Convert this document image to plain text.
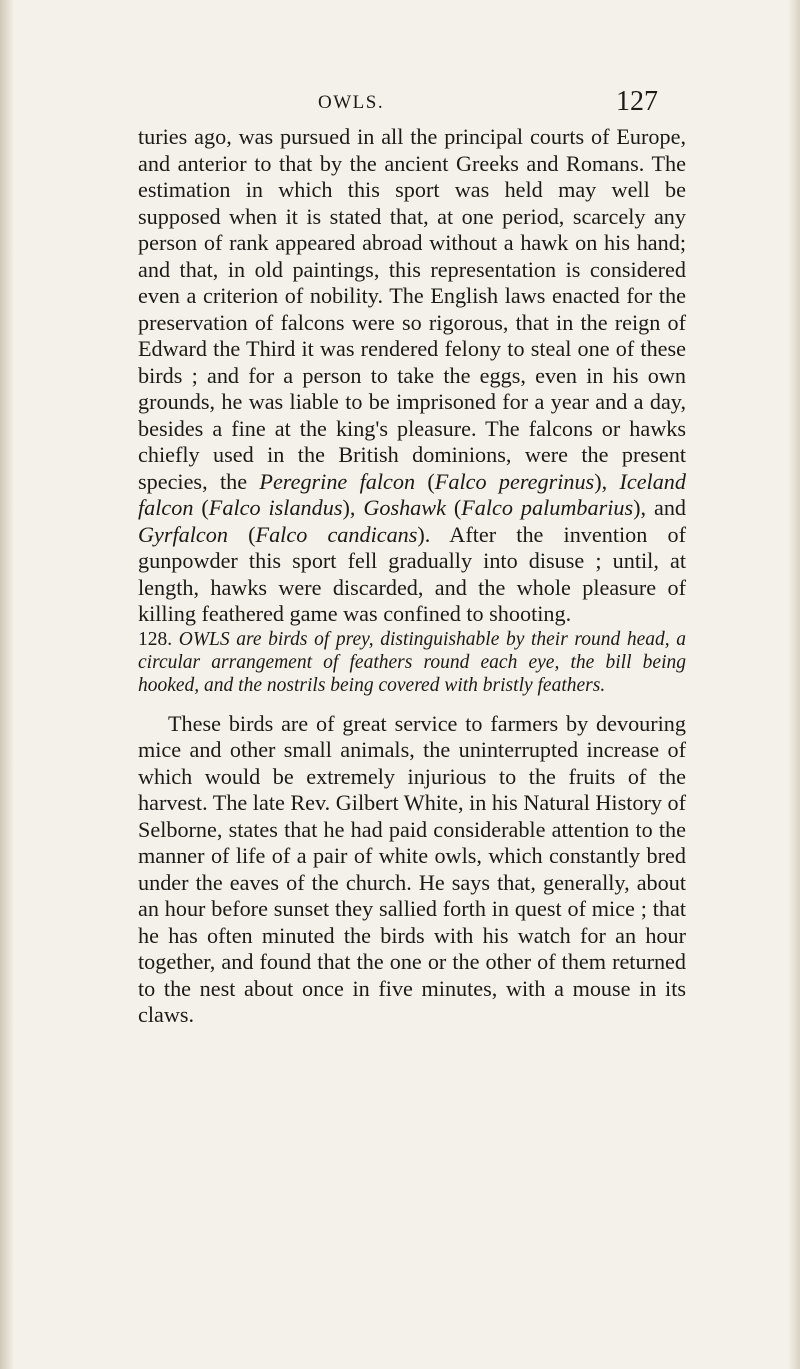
OWLS.	127

turies ago, was pursued in all the principal courts of Europe, and anterior to that by the ancient Greeks and Romans. The estimation in which this sport was held may well be supposed when it is stated that, at one period, scarcely any person of rank appeared abroad without a hawk on his hand; and that, in old paintings, this representation is considered even a criterion of nobility. The English laws enacted for the preservation of falcons were so rigorous, that in the reign of Edward the Third it was rendered felony to steal one of these birds ; and for a person to take the eggs, even in his own grounds, he was liable to be imprisoned for a year and a day, besides a fine at the king's pleasure. The falcons or hawks chiefly used in the British dominions, were the present species, the Peregrine falcon (Falco peregrinus), Iceland falcon (Falco islandus), Goshawk (Falco palumbarius), and Gyrfalcon (Falco candicans). After the invention of gunpowder this sport fell gradually into disuse ; until, at length, hawks were discarded, and the whole pleasure of killing feathered game was confined to shooting.

128. OWLS are birds of prey, distinguishable by their round head, a circular arrangement of feathers round each eye, the bill being hooked, and the nostrils being covered with bristly feathers.

These birds are of great service to farmers by devouring mice and other small animals, the uninterrupted increase of which would be extremely injurious to the fruits of the harvest. The late Rev. Gilbert White, in his Natural History of Selborne, states that he had paid considerable attention to the manner of life of a pair of white owls, which constantly bred under the eaves of the church. He says that, generally, about an hour before sunset they sallied forth in quest of mice ; that he has often minuted the birds with his watch for an hour together, and found that the one or the other of them returned to the nest about once in five minutes, with a mouse in its claws.
